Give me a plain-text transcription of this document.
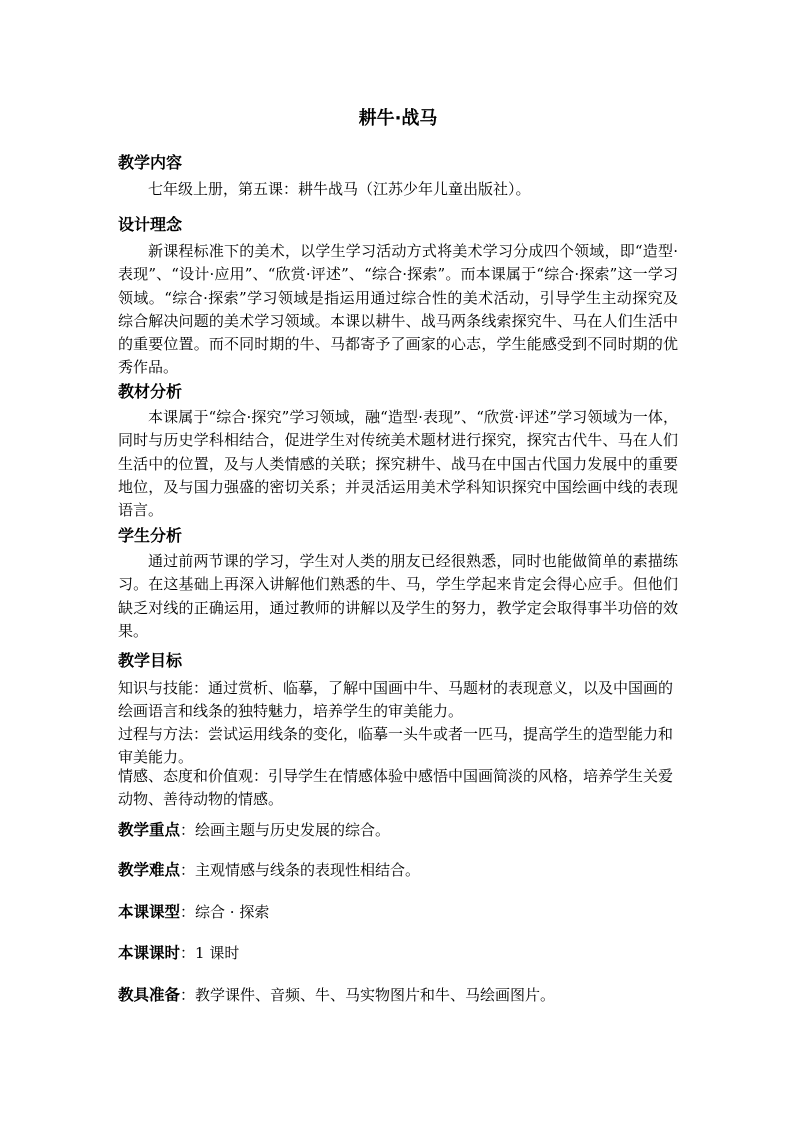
耕牛·战马
教学内容

七年级上册，第五课：耕牛战马（江苏少年儿童出版社）。

设计理念

新课程标准下的美术，以学生学习活动方式将美术学习分成四个领域，即“造型·表现”、“设计·应用”、“欣赏·评述”、“综合·探索”。而本课属于“综合·探索”这一学习领域。“综合·探索”学习领域是指运用通过综合性的美术活动，引导学生主动探究及综合解决问题的美术学习领域。本课以耕牛、战马两条线索探究牛、马在人们生活中的重要位置。而不同时期的牛、马都寄予了画家的心志，学生能感受到不同时期的优秀作品。

教材分析

本课属于“综合·探究”学习领域，融“造型·表现”、“欣赏·评述”学习领域为一体，同时与历史学科相结合，促进学生对传统美术题材进行探究，探究古代牛、马在人们生活中的位置，及与人类情感的关联；探究耕牛、战马在中国古代国力发展中的重要地位，及与国力强盛的密切关系；并灵活运用美术学科知识探究中国绘画中线的表现语言。

学生分析

通过前两节课的学习，学生对人类的朋友已经很熟悉，同时也能做简单的素描练习。在这基础上再深入讲解他们熟悉的牛、马，学生学起来肯定会得心应手。但他们缺乏对线的正确运用，通过教师的讲解以及学生的努力，教学定会取得事半功倍的效果。

教学目标

知识与技能：通过赏析、临摹，了解中国画中牛、马题材的表现意义，以及中国画的绘画语言和线条的独特魅力，培养学生的审美能力。

过程与方法：尝试运用线条的变化，临摹一头牛或者一匹马，提高学生的造型能力和审美能力。

情感、态度和价值观：引导学生在情感体验中感悟中国画简淡的风格，培养学生关爱动物、善待动物的情感。

教学重点：绘画主题与历史发展的综合。
教学难点：主观情感与线条的表现性相结合。
本课课型：综合 · 探索
本课课时：1 课时
教具准备：教学课件、音频、牛、马实物图片和牛、马绘画图片。
